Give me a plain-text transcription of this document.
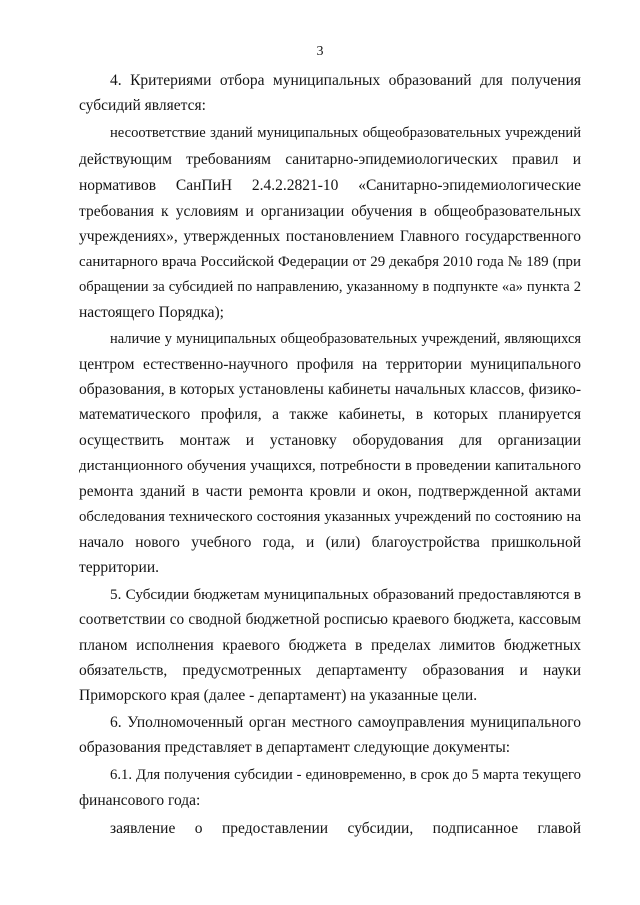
3
4. Критериями отбора муниципальных образований для получения
субсидий является:
несоответствие зданий муниципальных общеобразовательных учреждений
действующим требованиям санитарно-эпидемиологических правил и
нормативов СанПиН 2.4.2.2821-10 «Санитарно-эпидемиологические
требования к условиям и организации обучения в общеобразовательных
учреждениях», утвержденных постановлением Главного государственного
санитарного врача Российской Федерации от 29 декабря 2010 года № 189 (при
обращении за субсидией по направлению, указанному в подпункте «а» пункта 2
настоящего Порядка);
наличие у муниципальных общеобразовательных учреждений, являющихся
центром естественно-научного профиля на территории муниципального
образования, в которых установлены кабинеты начальных классов, физико-
математического профиля, а также кабинеты, в которых планируется
осуществить монтаж и установку оборудования для организации
дистанционного обучения учащихся, потребности в проведении капитального
ремонта зданий в части ремонта кровли и окон, подтвержденной актами
обследования технического состояния указанных учреждений по состоянию на
начало нового учебного года, и (или) благоустройства пришкольной
территории.
5. Субсидии бюджетам муниципальных образований предоставляются в
соответствии со сводной бюджетной росписью краевого бюджета, кассовым
планом исполнения краевого бюджета в пределах лимитов бюджетных
обязательств, предусмотренных департаменту образования и науки
Приморского края (далее - департамент) на указанные цели.
6. Уполномоченный орган местного самоуправления муниципального
образования представляет в департамент следующие документы:
6.1. Для получения субсидии - единовременно, в срок до 5 марта текущего
финансового года:
заявление о предоставлении субсидии, подписанное главой
